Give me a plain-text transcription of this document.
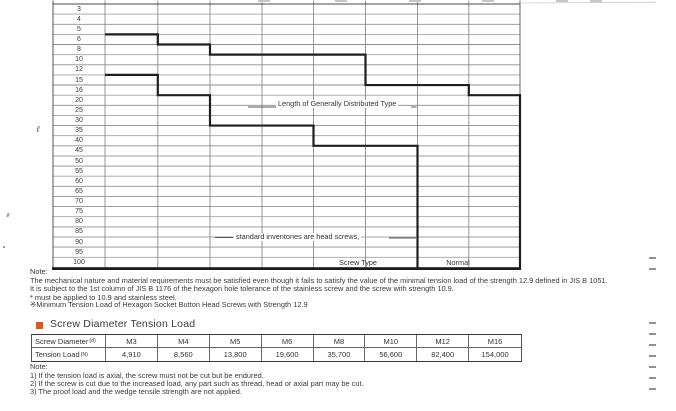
3
4
5
6
8
10
12
15
16
20
25
30
35
40
45
50
55
60
65
70
75
80
85
90
95
100
ℓ
Length of Generally Distributed Type
standard inventories are head screws,
Screw Type	Normal
Note:
The mechanical nature and material requirements must be satisfied even though it fails to satisfy the value of the minimal tension load of the strength 12.9 defined in JIS B 1051.
It is subject to the 1st column of JIS B 1176 of the hexagon hole tolerance of the stainless screw and the screw with strength 10.9.
* must be applied to 10.9 and stainless steel.
※Minimum Tension Load of Hexagon Socket Button Head Screws with Strength 12.9
Screw Diameter Tension Load
Screw Diameter (d)	M3	M4	M5	M6	M8	M10	M12	M16
Tension Load (N)	4,910	8,560	13,800	19,600	35,700	56,600	82,400	154,000
Note:
1) If the tension load is axial, the screw must not be cut but be endured.
2) If the screw is cut due to the increased load, any part such as thread, head or axial part may be cut.
3) The proof load and the wedge tensile strength are not applied.
